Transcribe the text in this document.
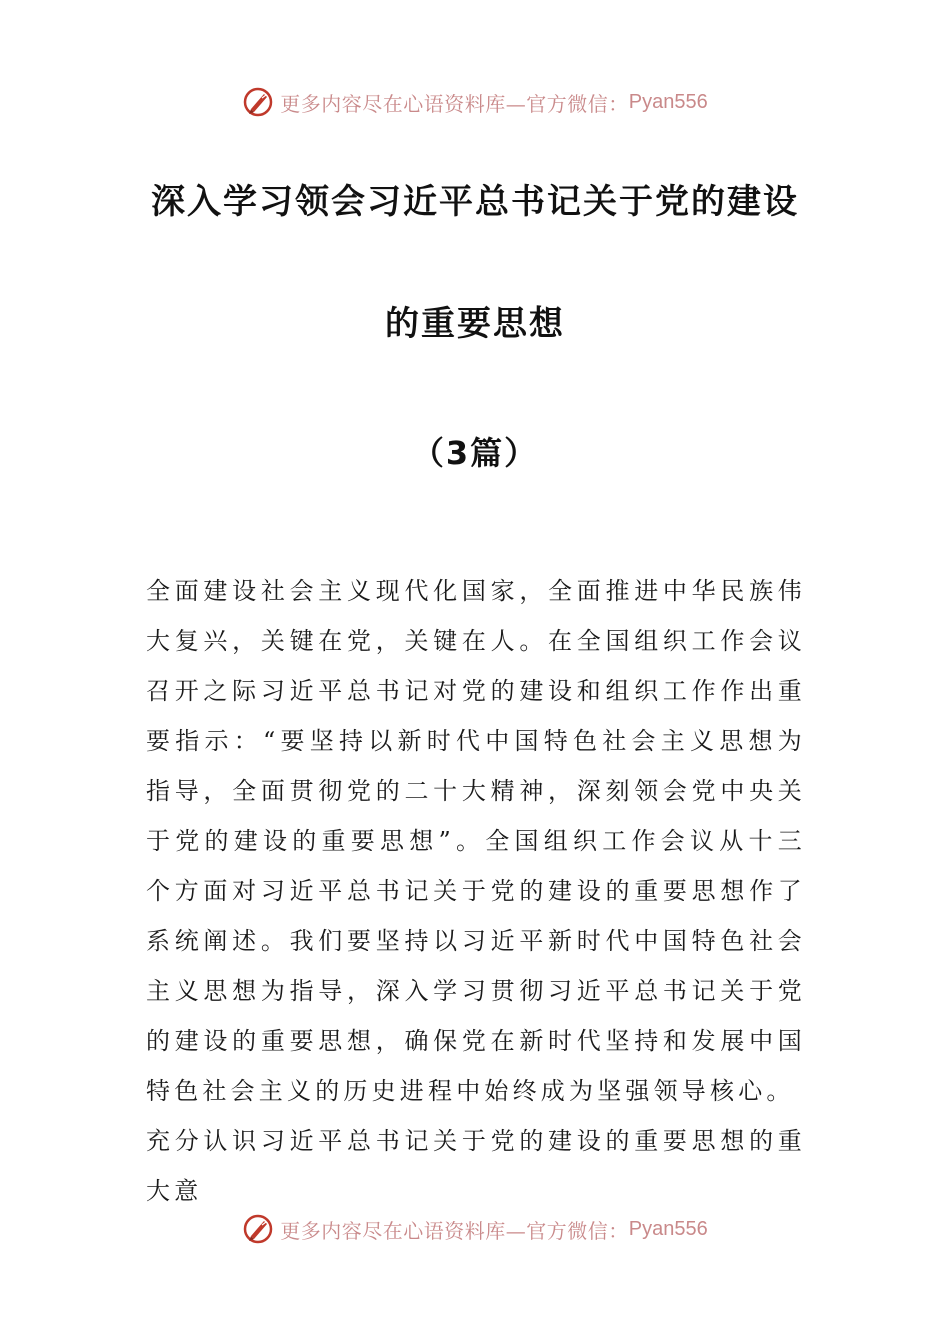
更多内容尽在心语资料库—官方微信： Pyan556
深入学习领会习近平总书记关于党的建设
的重要思想
（3篇）

全面建设社会主义现代化国家，全面推进中华民族伟大复兴，关键在党，关键在人。在全国组织工作会议召开之际习近平总书记对党的建设和组织工作作出重要指示：“要坚持以新时代中国特色社会主义思想为指导，全面贯彻党的二十大精神，深刻领会党中央关于党的建设的重要思想”。全国组织工作会议从十三个方面对习近平总书记关于党的建设的重要思想作了系统阐述。我们要坚持以习近平新时代中国特色社会主义思想为指导，深入学习贯彻习近平总书记关于党的建设的重要思想，确保党在新时代坚持和发展中国特色社会主义的历史进程中始终成为坚强领导核心。

充分认识习近平总书记关于党的建设的重要思想的重大意

更多内容尽在心语资料库—官方微信： Pyan556
